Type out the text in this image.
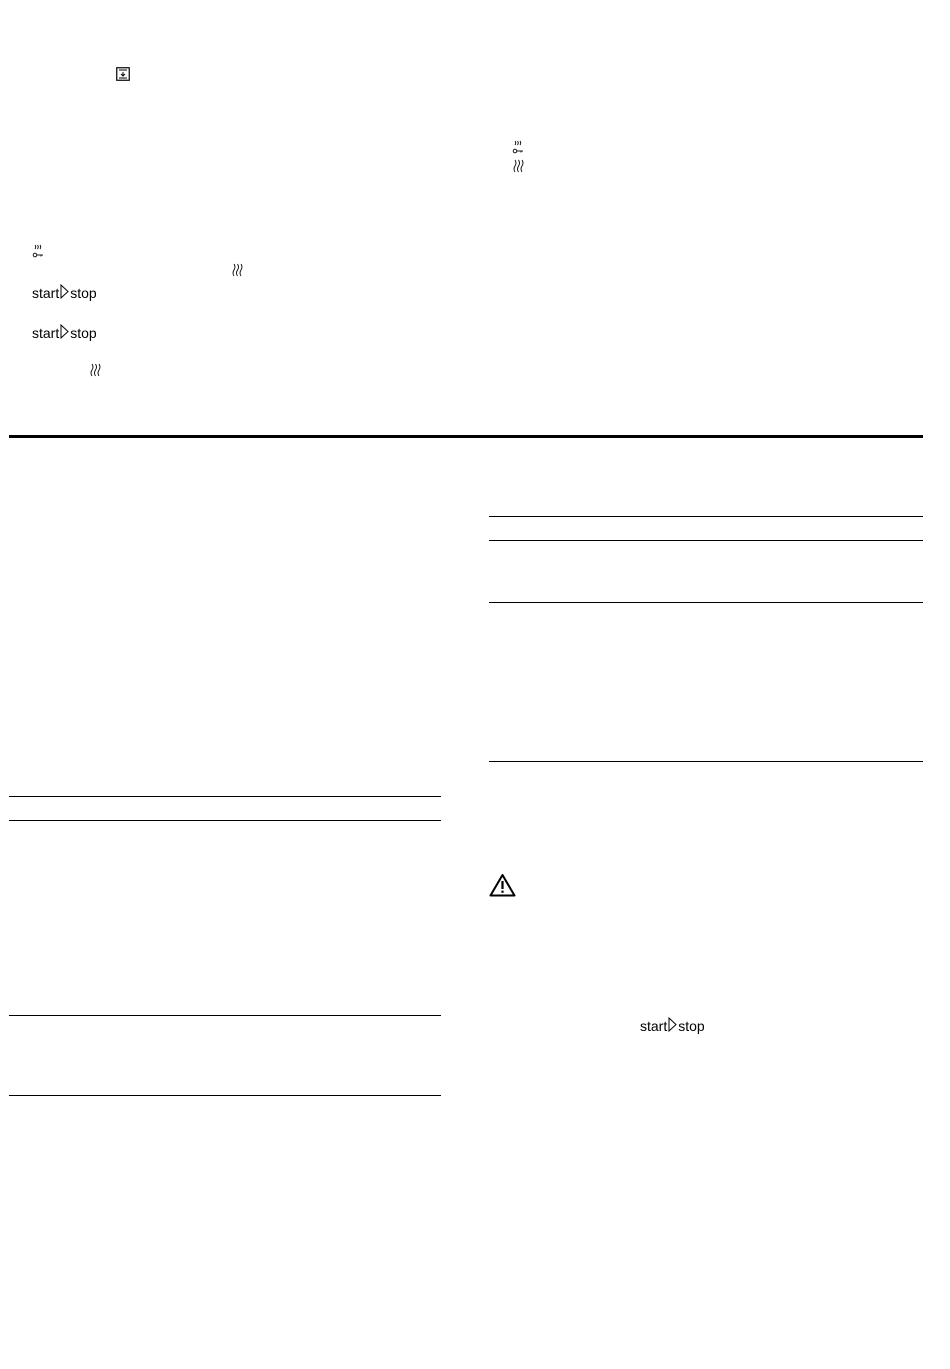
start stop
start stop
start stop
